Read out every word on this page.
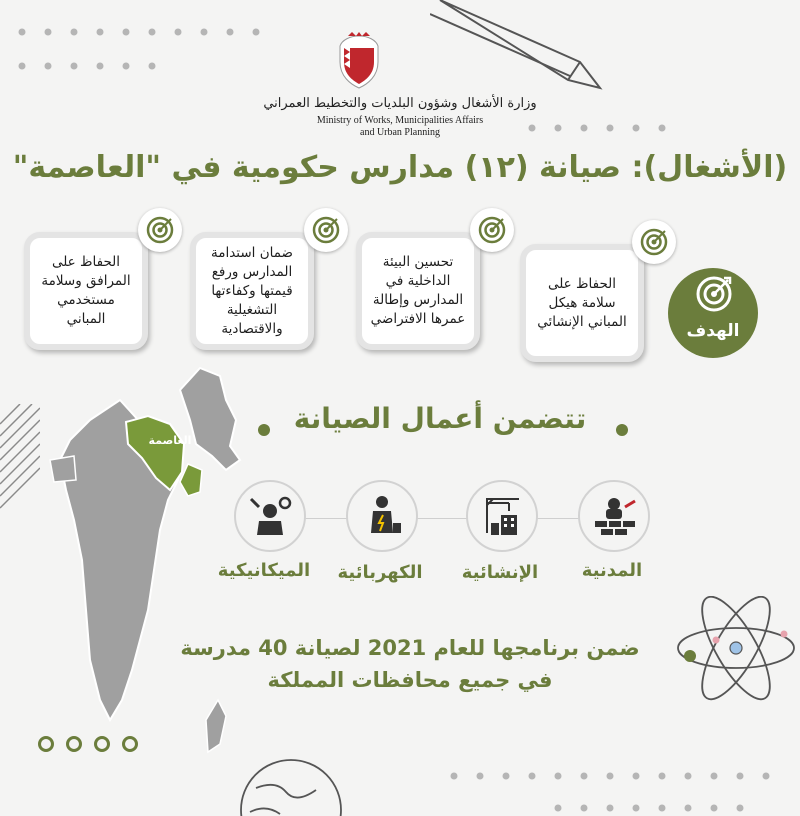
وزارة الأشغال وشؤون البلديات والتخطيط العمراني
Ministry of Works, Municipalities Affairs
and Urban Planning
(الأشغال): صيانة (١٢) مدارس حكومية في "العاصمة"
الهدف
الحفاظ على سلامة هيكل المباني الإنشائي
تحسين البيئة الداخلية في المدارس وإطالة عمرها الافتراضي
ضمان استدامة المدارس ورفع قيمتها وكفاءتها التشغيلية والاقتصادية
الحفاظ على المرافق وسلامة مستخدمي المباني
العاصمة
تتضمن أعمال الصيانة
المدنية
الإنشائية
الكهربائية
الميكانيكية
ضمن برنامجها للعام 2021 لصيانة 40 مدرسة
في جميع محافظات المملكة
